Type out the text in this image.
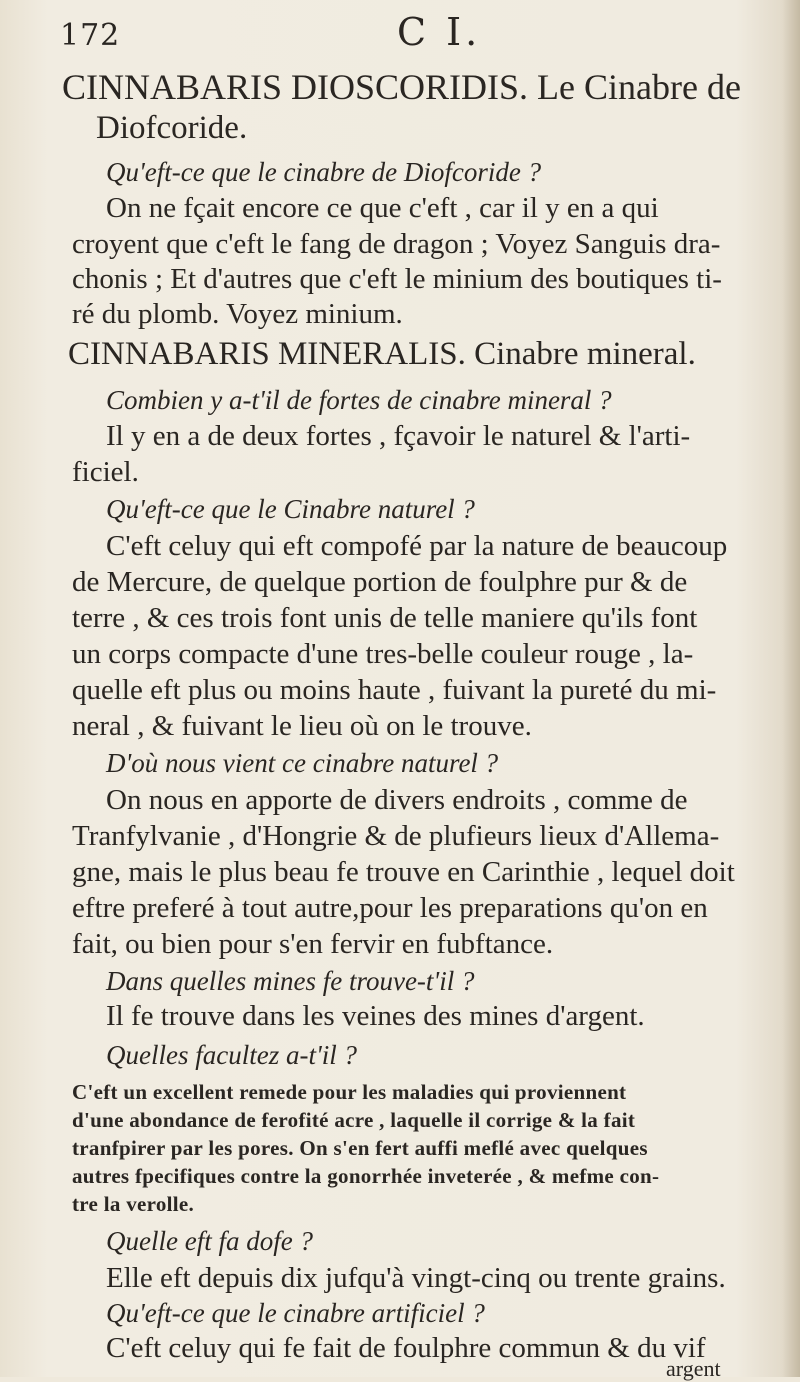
172	C I.
CINNABARIS DIOSCORIDIS. Le Cinabre de
Diofcoride.
Qu'eft-ce que le cinabre de Diofcoride ?
On ne fçait encore ce que c'eft , car il y en a qui
croyent que c'eft le fang de dragon ; Voyez Sanguis dra-
chonis ; Et d'autres que c'eft le minium des boutiques ti-
ré du plomb. Voyez minium.
CINNABARIS MINERALIS. Cinabre mineral.
Combien y a-t'il de fortes de cinabre mineral ?
Il y en a de deux fortes , fçavoir le naturel & l'arti-
ficiel.
Qu'eft-ce que le Cinabre naturel ?
C'eft celuy qui eft compofé par la nature de beaucoup
de Mercure, de quelque portion de foulphre pur & de
terre , & ces trois font unis de telle maniere qu'ils font
un corps compacte d'une tres-belle couleur rouge , la-
quelle eft plus ou moins haute , fuivant la pureté du mi-
neral , & fuivant le lieu où on le trouve.
D'où nous vient ce cinabre naturel ?
On nous en apporte de divers endroits , comme de
Tranfylvanie , d'Hongrie & de plufieurs lieux d'Allema-
gne, mais le plus beau fe trouve en Carinthie , lequel doit
eftre preferé à tout autre,pour les preparations qu'on en
fait, ou bien pour s'en fervir en fubftance.
Dans quelles mines fe trouve-t'il ?
Il fe trouve dans les veines des mines d'argent.
Quelles facultez a-t'il ?
C'eft un excellent remede pour les maladies qui proviennent
d'une abondance de ferofité acre , laquelle il corrige & la fait
tranfpirer par les pores. On s'en fert auffi meflé avec quelques
autres fpecifiques contre la gonorrhée inveterée , & mefme con-
tre la verolle.
Quelle eft fa dofe ?
Elle eft depuis dix jufqu'à vingt-cinq ou trente grains.
Qu'eft-ce que le cinabre artificiel ?
C'eft celuy qui fe fait de foulphre commun & du vif
argent
